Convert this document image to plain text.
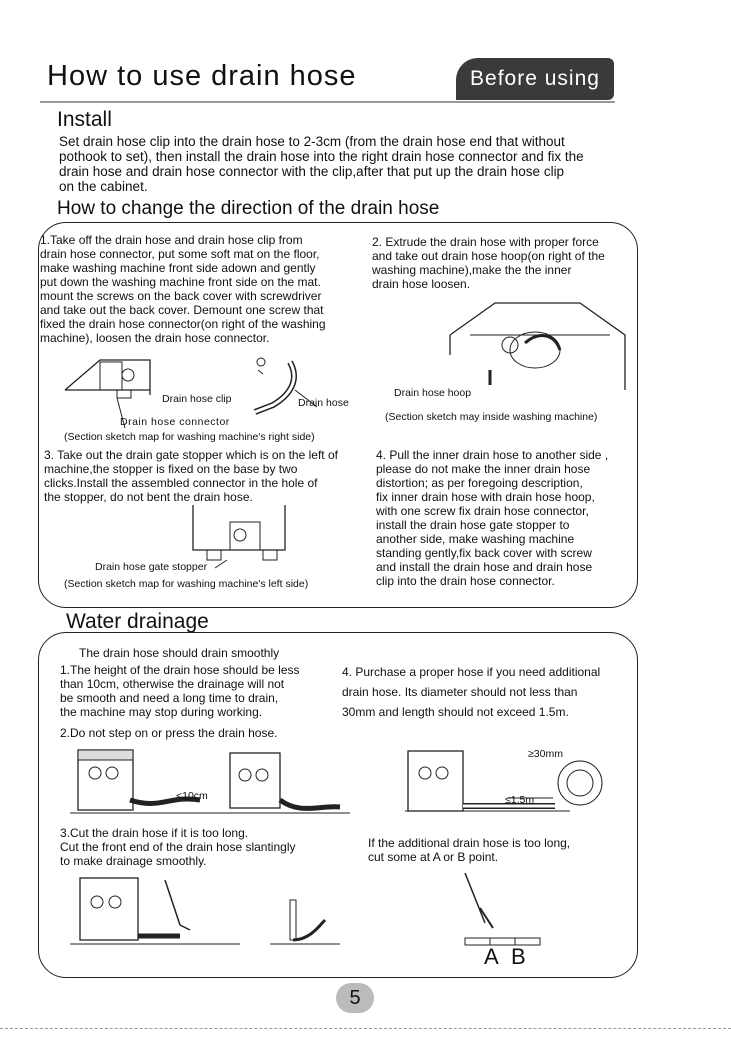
How to use drain hose	Before using
Install
Set drain hose clip into the drain hose to 2-3cm (from the drain hose end that without
pothook to set), then install the drain hose into the right drain hose connector and fix the
drain hose and drain hose connector with the clip,after that put up the drain hose clip
on the cabinet.
How to change the direction of the drain hose
1.Take off the drain hose and drain hose clip from
drain hose connector, put some soft mat on the floor,
make washing machine front side adown and gently
put down the washing machine front side on the mat.
mount the screws on the back cover with screwdriver
and take out the back cover. Demount one screw that
fixed the drain hose connector(on right of the washing
machine), loosen the drain hose connector.
2. Extrude the drain hose with proper force
and take out drain hose hoop(on right of the
washing machine),make the the inner
drain hose loosen.
Drain hose clip	Drain hose
Drain hose connector
(Section sketch map for washing machine's right side)
Drain hose hoop
(Section sketch may inside washing machine)
3. Take out the drain gate stopper which is on the left of
machine,the stopper is fixed on the base by two
clicks.Install the assembled connector in the hole of
the stopper, do not bent the drain hose.
4. Pull the inner drain hose to another side ,
please do not make the inner drain hose
distortion; as per foregoing description,
fix inner drain hose with drain hose hoop,
with one screw fix drain hose connector,
install the drain hose gate stopper to
another side, make washing machine
standing gently,fix back cover with screw
and install the drain hose and drain hose
clip into the drain hose connector.
Drain hose gate stopper
(Section sketch map for washing machine's left side)
Water drainage
The drain hose should drain smoothly
1.The height of the drain hose should be less
than 10cm, otherwise the drainage will not
be smooth and need a long time to drain,
the machine may stop during working.
2.Do not step on or press the drain hose.
4. Purchase a proper hose if you need additional
drain hose. Its diameter should not less than
30mm and length should not exceed 1.5m.
<10cm
≥30mm
≤1.5m
3.Cut the drain hose if it is too long.
Cut the front end of the drain hose slantingly
to make drainage smoothly.
If the additional drain hose is too long,
cut some at A or B point.
A B
5
